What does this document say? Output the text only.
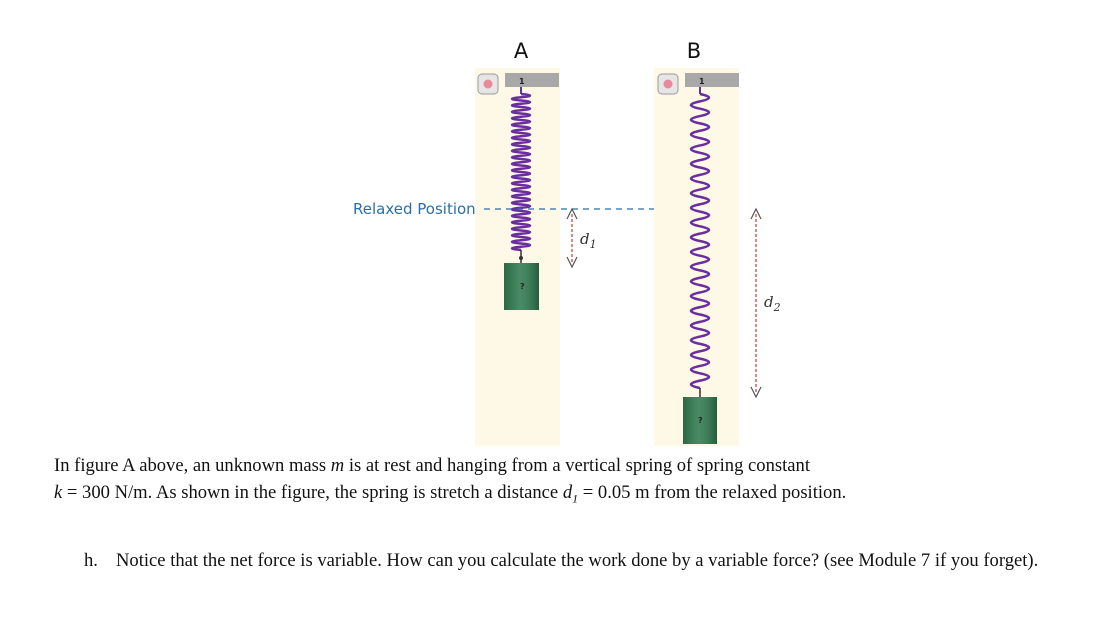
A
1
Relaxed Position
?
$d_1$
B
1
?
$d_2$
In figure A above, an unknown mass m is at rest and hanging from a vertical spring of spring constant
k = 300 N/m. As shown in the figure, the spring is stretch a distance $d_1 = 0.05$ m from the relaxed position.
h. Notice that the net force is variable. How can you calculate the work done by a variable force? (see Module 7 if you forget).
